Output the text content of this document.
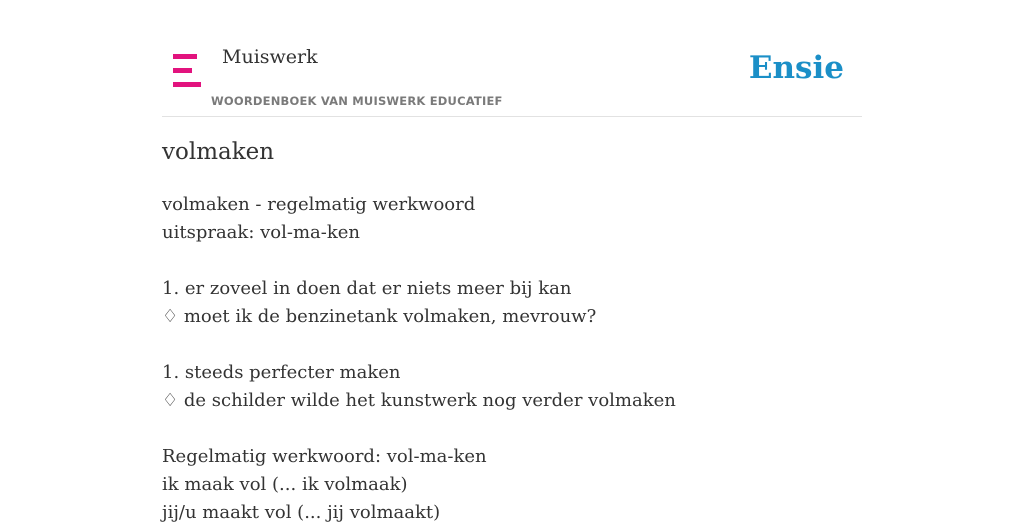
Muiswerk
WOORDENBOEK VAN MUISWERK EDUCATIEF
Ensie
volmaken
volmaken - regelmatig werkwoord
uitspraak: vol-ma-ken
1. er zoveel in doen dat er niets meer bij kan
♢ moet ik de benzinetank volmaken, mevrouw?
1. steeds perfecter maken
♢ de schilder wilde het kunstwerk nog verder volmaken
Regelmatig werkwoord: vol-ma-ken
ik maak vol (... ik volmaak)
jij/u maakt vol (... jij volmaakt)
